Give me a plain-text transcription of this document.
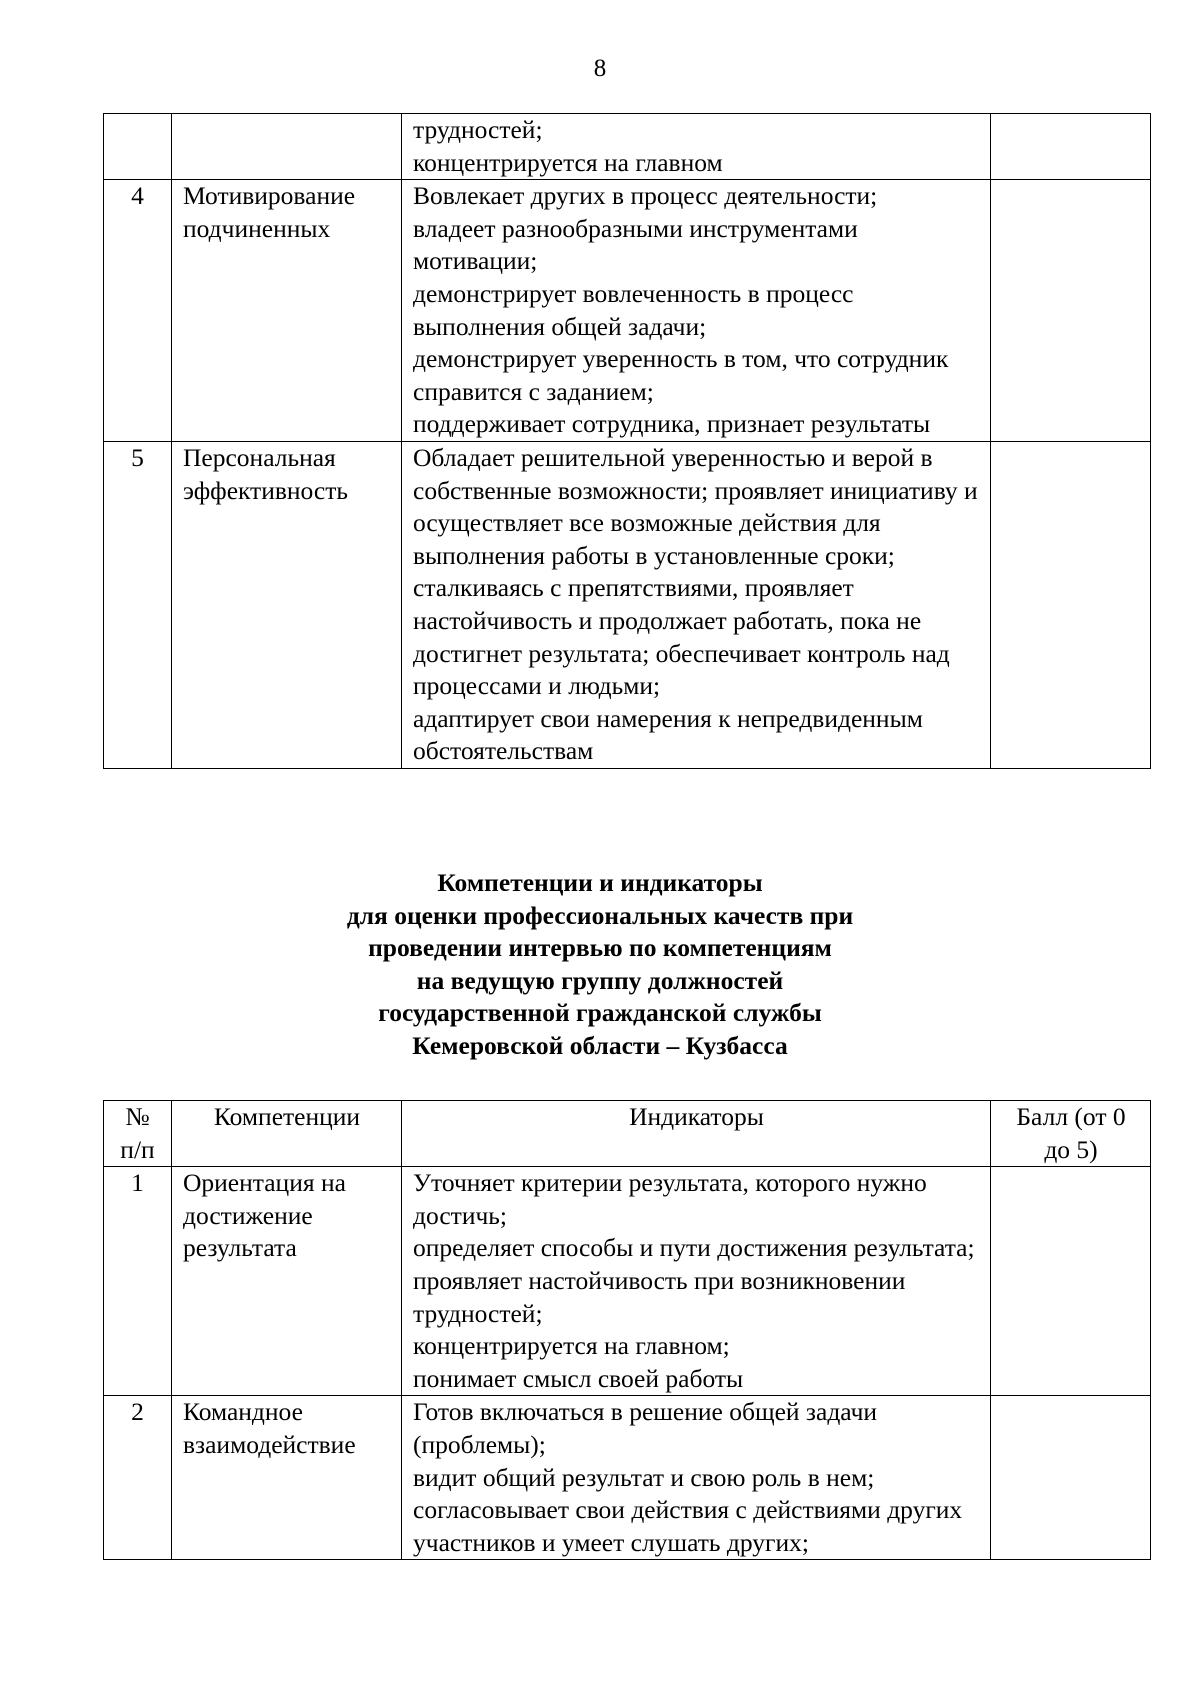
8
		трудностей;
концентрируется на главном	
4	Мотивирование подчиненных	Вовлекает других в процесс деятельности;
владеет разнообразными инструментами мотивации;
демонстрирует вовлеченность в процесс выполнения общей задачи;
демонстрирует уверенность в том, что сотрудник справится с заданием;
поддерживает сотрудника, признает результаты	
5	Персональная эффективность	Обладает решительной уверенностью и верой в собственные возможности; проявляет инициативу и осуществляет все возможные действия для выполнения работы в установленные сроки; сталкиваясь с препятствиями, проявляет настойчивость и продолжает работать, пока не достигнет результата; обеспечивает контроль над процессами и людьми;
адаптирует свои намерения к непредвиденным обстоятельствам	
Компетенции и индикаторы
для оценки профессиональных качеств при
проведении интервью по компетенциям
на ведущую группу должностей
государственной гражданской службы
Кемеровской области – Кузбасса
№
п/п	Компетенции	Индикаторы	Балл (от 0
до 5)
1	Ориентация на достижение результата	Уточняет критерии результата, которого нужно достичь;
определяет способы и пути достижения результата;
проявляет настойчивость при возникновении трудностей;
концентрируется на главном;
понимает смысл своей работы	
2	Командное взаимодействие	Готов включаться в решение общей задачи (проблемы);
видит общий результат и свою роль в нем;
согласовывает свои действия с действиями других участников и умеет слушать других;	
